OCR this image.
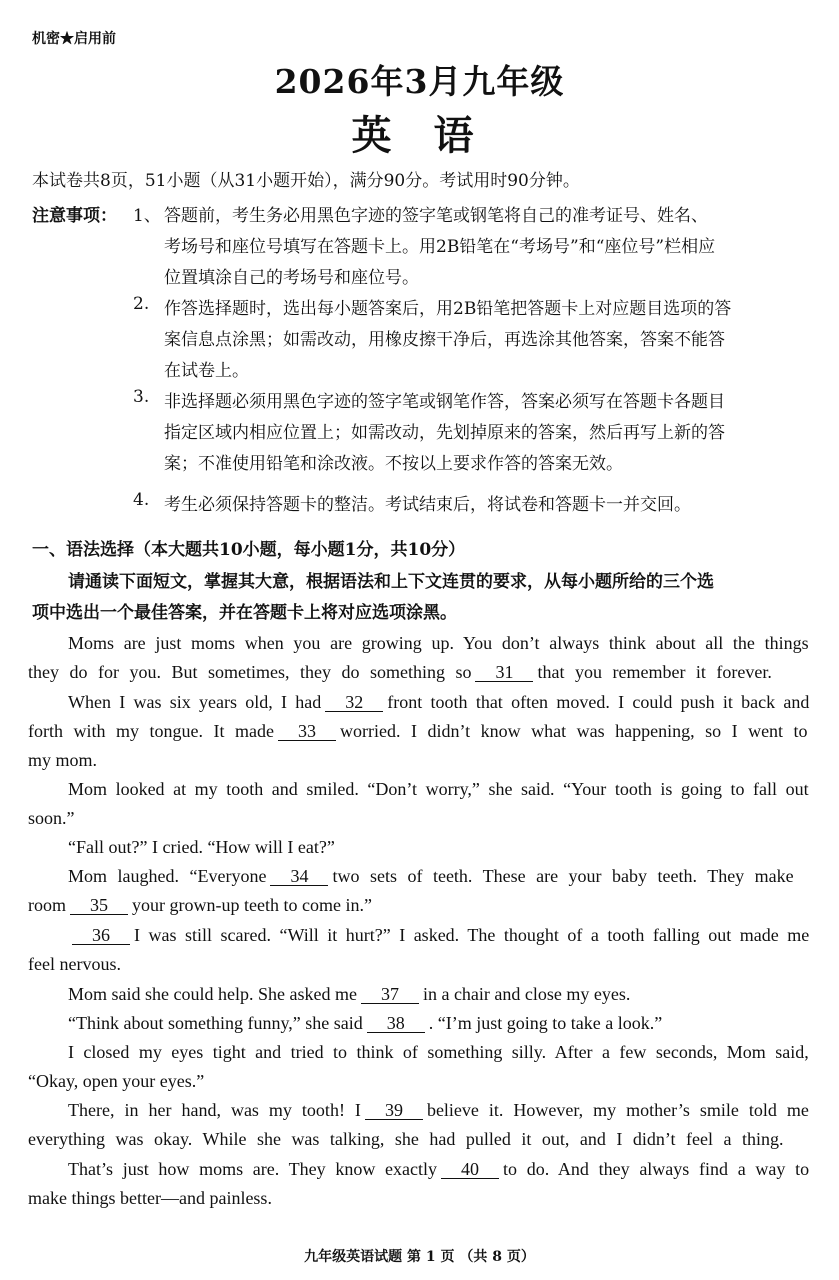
机密★启用前
2026年3月九年级
英 语
本试卷共8页，51小题（从31小题开始），满分90分。考试用时90分钟。
注意事项： 1、 答题前，考生务必用黑色字迹的签字笔或钢笔将自己的准考证号、姓名、
考场号和座位号填写在答题卡上。用2B铅笔在“考场号”和“座位号”栏相应
位置填涂自己的考场号和座位号。
2. 作答选择题时，选出每小题答案后，用2B铅笔把答题卡上对应题目选项的答
案信息点涂黑；如需改动，用橡皮擦干净后，再选涂其他答案，答案不能答
在试卷上。
3. 非选择题必须用黑色字迹的签字笔或钢笔作答，答案必须写在答题卡各题目
指定区域内相应位置上；如需改动，先划掉原来的答案，然后再写上新的答
案；不准使用铅笔和涂改液。不按以上要求作答的答案无效。
4. 考生必须保持答题卡的整洁。考试结束后，将试卷和答题卡一并交回。
一、语法选择（本大题共10小题，每小题1分，共10分）
请通读下面短文，掌握其大意，根据语法和上下文连贯的要求，从每小题所给的三个选
项中选出一个最佳答案，并在答题卡上将对应选项涂黑。
Moms are just moms when you are growing up. You don’t always think about all the things
they do for you. But sometimes, they do something so 31 that you remember it forever.
When I was six years old, I had 32 front tooth that often moved. I could push it back and
forth with my tongue. It made 33 worried. I didn’t know what was happening, so I went to
my mom.
Mom looked at my tooth and smiled. “Don’t worry,” she said. “Your tooth is going to fall out
soon.”
“Fall out?” I cried. “How will I eat?”
Mom laughed. “Everyone 34 two sets of teeth. These are your baby teeth. They make
room 35 your grown-up teeth to come in.”
36 I was still scared. “Will it hurt?” I asked. The thought of a tooth falling out made me
feel nervous.
Mom said she could help. She asked me 37 in a chair and close my eyes.
“Think about something funny,” she said 38 . “I’m just going to take a look.”
I closed my eyes tight and tried to think of something silly. After a few seconds, Mom said,
“Okay, open your eyes.”
There, in her hand, was my tooth! I 39 believe it. However, my mother’s smile told me
everything was okay. While she was talking, she had pulled it out, and I didn’t feel a thing.
That’s just how moms are. They know exactly 40 to do. And they always find a way to
make things better—and painless.
九年级英语试题 第 1 页 （共 8 页）
